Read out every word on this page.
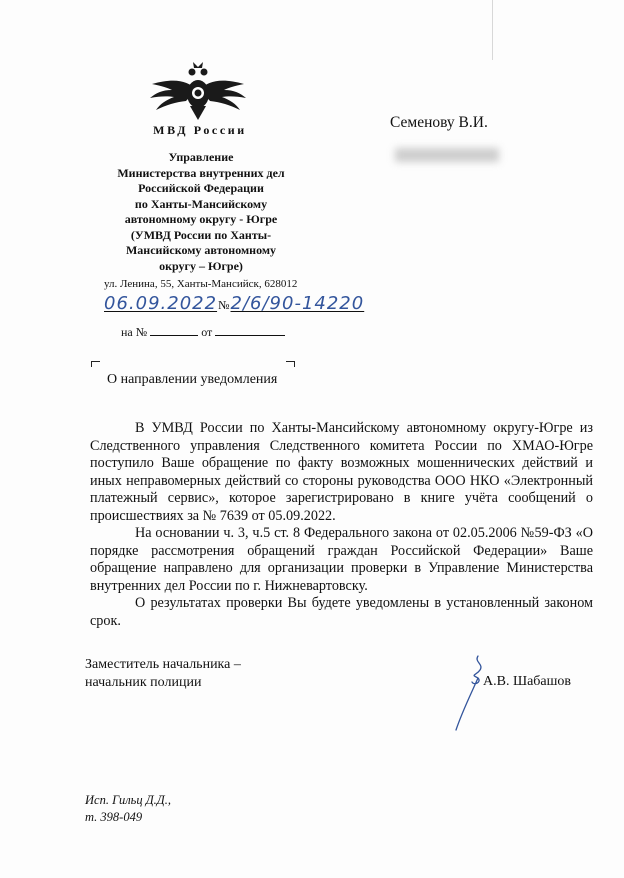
МВД России
Управление
Министерства внутренних дел
Российской Федерации
по Ханты-Мансийскому
автономному округу - Югре
(УМВД России по Ханты-
Мансийскому автономному
округу – Югре)
ул. Ленина, 55, Ханты-Мансийск, 628012
06.09.2022№2/6/90-14220
на №	от
О направлении уведомления
Семенову В.И.

В УМВД России по Ханты-Мансийскому автономному округу-Югре из Следственного управления Следственного комитета России по ХМАО-Югре поступило Ваше обращение по факту возможных мошеннических действий и иных неправомерных действий со стороны руководства ООО НКО «Электронный платежный сервис», которое зарегистрировано в книге учёта сообщений о происшествиях за № 7639 от 05.09.2022.

На основании ч. 3, ч.5 ст. 8 Федерального закона от 02.05.2006 №59-ФЗ «О порядке рассмотрения обращений граждан Российской Федерации» Ваше обращение направлено для организации проверки в Управление Министерства внутренних дел России по г. Нижневартовску.

О результатах проверки Вы будете уведомлены в установленный законом срок.

Заместитель начальника –
начальник полиции	А.В. Шабашов
Исп. Гильц Д.Д.,
т. 398-049
